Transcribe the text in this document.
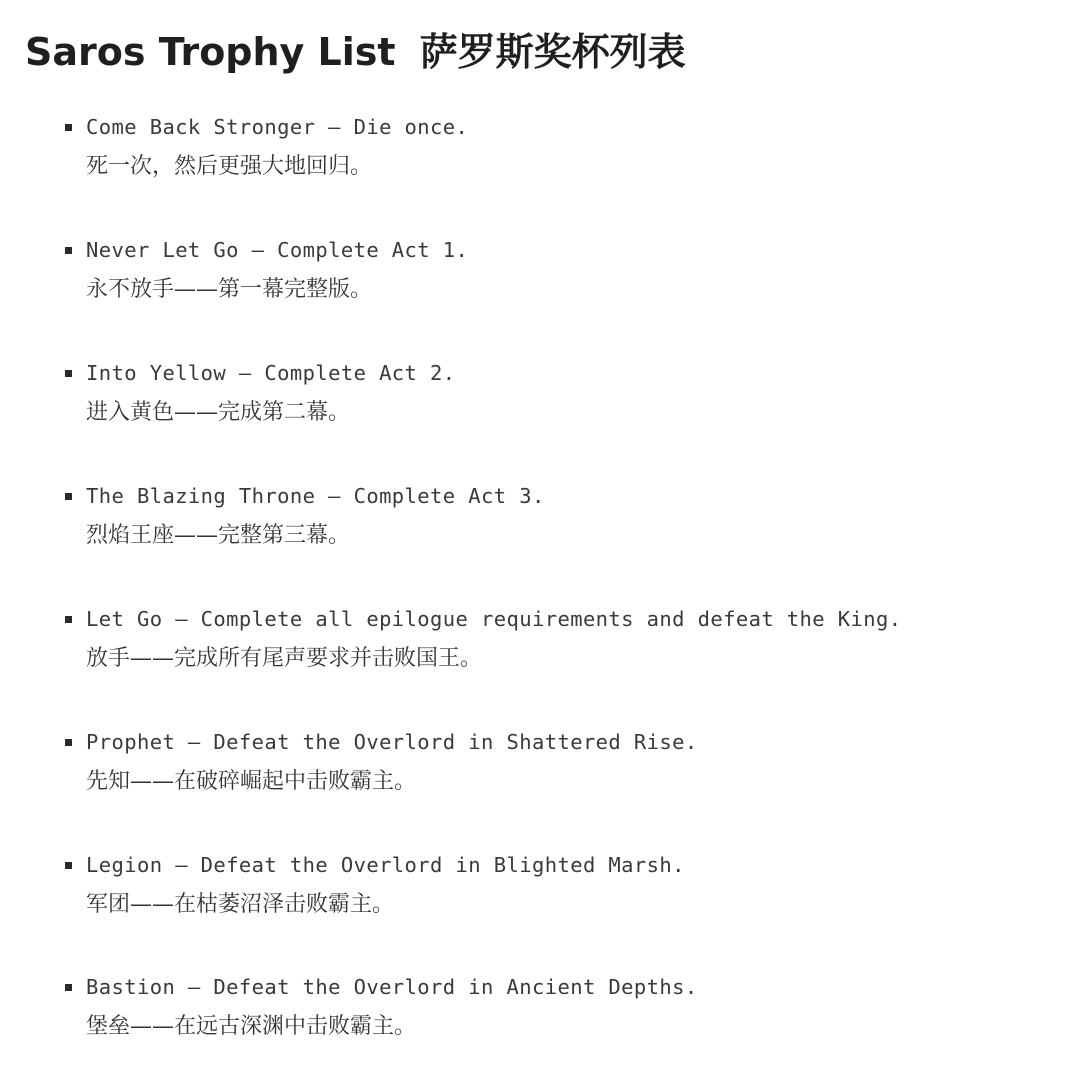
Saros Trophy List 萨罗斯奖杯列表

Come Back Stronger — Die once.

死一次，然后更强大地回归。

Never Let Go — Complete Act 1.

永不放手——第一幕完整版。

Into Yellow — Complete Act 2.

进入黄色——完成第二幕。

The Blazing Throne — Complete Act 3.

烈焰王座——完整第三幕。

Let Go — Complete all epilogue requirements and defeat the King.

放手——完成所有尾声要求并击败国王。

Prophet — Defeat the Overlord in Shattered Rise.

先知——在破碎崛起中击败霸主。

Legion — Defeat the Overlord in Blighted Marsh.

军团——在枯萎沼泽击败霸主。

Bastion — Defeat the Overlord in Ancient Depths.

堡垒——在远古深渊中击败霸主。
